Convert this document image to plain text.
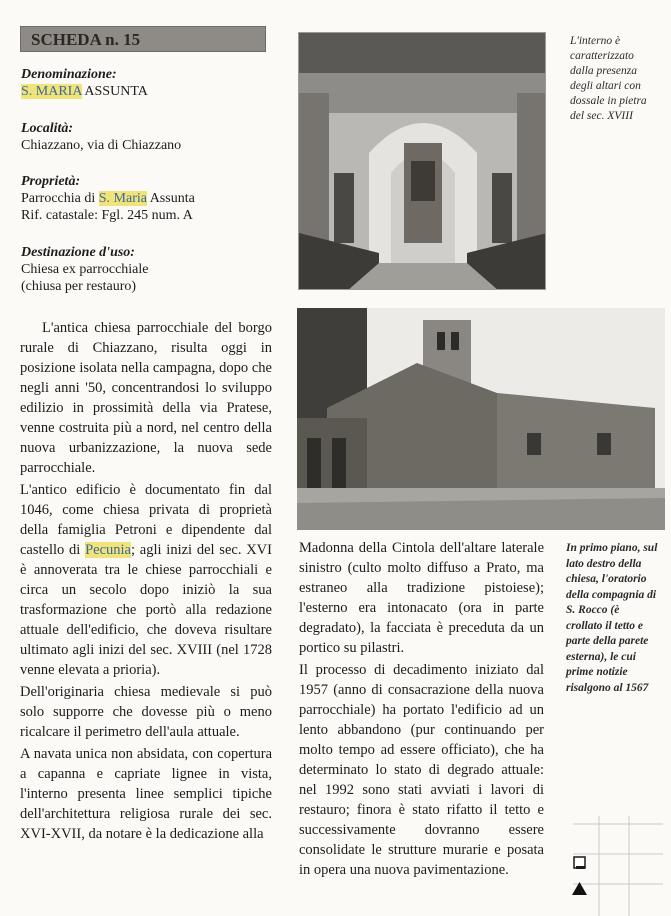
SCHEDA n. 15
Denominazione:
S. MARIA ASSUNTA
Località:
Chiazzano, via di Chiazzano
Proprietà:
Parrocchia di S. Maria Assunta
Rif. catastale: Fgl. 245 num. A
Destinazione d'uso:
Chiesa ex parrocchiale
(chiusa per restauro)

L'antica chiesa parrocchiale del borgo rurale di Chiazzano, risulta oggi in posizione isolata nella campagna, dopo che negli anni '50, concentrandosi lo sviluppo edilizio in prossimità della via Pratese, venne costruita più a nord, nel centro della nuova urbanizzazione, la nuova sede parrocchiale.

L'antico edificio è documentato fin dal 1046, come chiesa privata di proprietà della famiglia Petroni e dipendente dal castello di Pecunia; agli inizi del sec. XVI è annoverata tra le chiese parrocchiali e circa un secolo dopo iniziò la sua trasformazione che portò alla redazione attuale dell'edificio, che doveva risultare ultimato agli inizi del sec. XVIII (nel 1728 venne elevata a prioria).

Dell'originaria chiesa medievale si può solo supporre che dovesse più o meno ricalcare il perimetro dell'aula attuale.

A navata unica non absidata, con copertura a capanna e capriate lignee in vista, l'interno presenta linee semplici tipiche dell'architettura religiosa rurale dei sec. XVI-XVII, da notare è la dedicazione alla

L'interno è caratterizzato dalla presenza degli altari con dossale in pietra del sec. XVIII

Madonna della Cintola dell'altare laterale sinistro (culto molto diffuso a Prato, ma estraneo alla tradizione pistoiese); l'esterno era intonacato (ora in parte degradato), la facciata è preceduta da un portico su pilastri.

Il processo di decadimento iniziato dal 1957 (anno di consacrazione della nuova parrocchiale) ha portato l'edificio ad un lento abbandono (pur continuando per molto tempo ad essere officiato), che ha determinato lo stato di degrado attuale: nel 1992 sono stati avviati i lavori di restauro; finora è stato rifatto il tetto e successivamente dovranno essere consolidate le strutture murarie e posata in opera una nuova pavimentazione.

In primo piano, sul lato destro della chiesa, l'oratorio della compagnia di S. Rocco (è crollato il tetto e parte della parete esterna), le cui prime notizie risalgono al 1567
